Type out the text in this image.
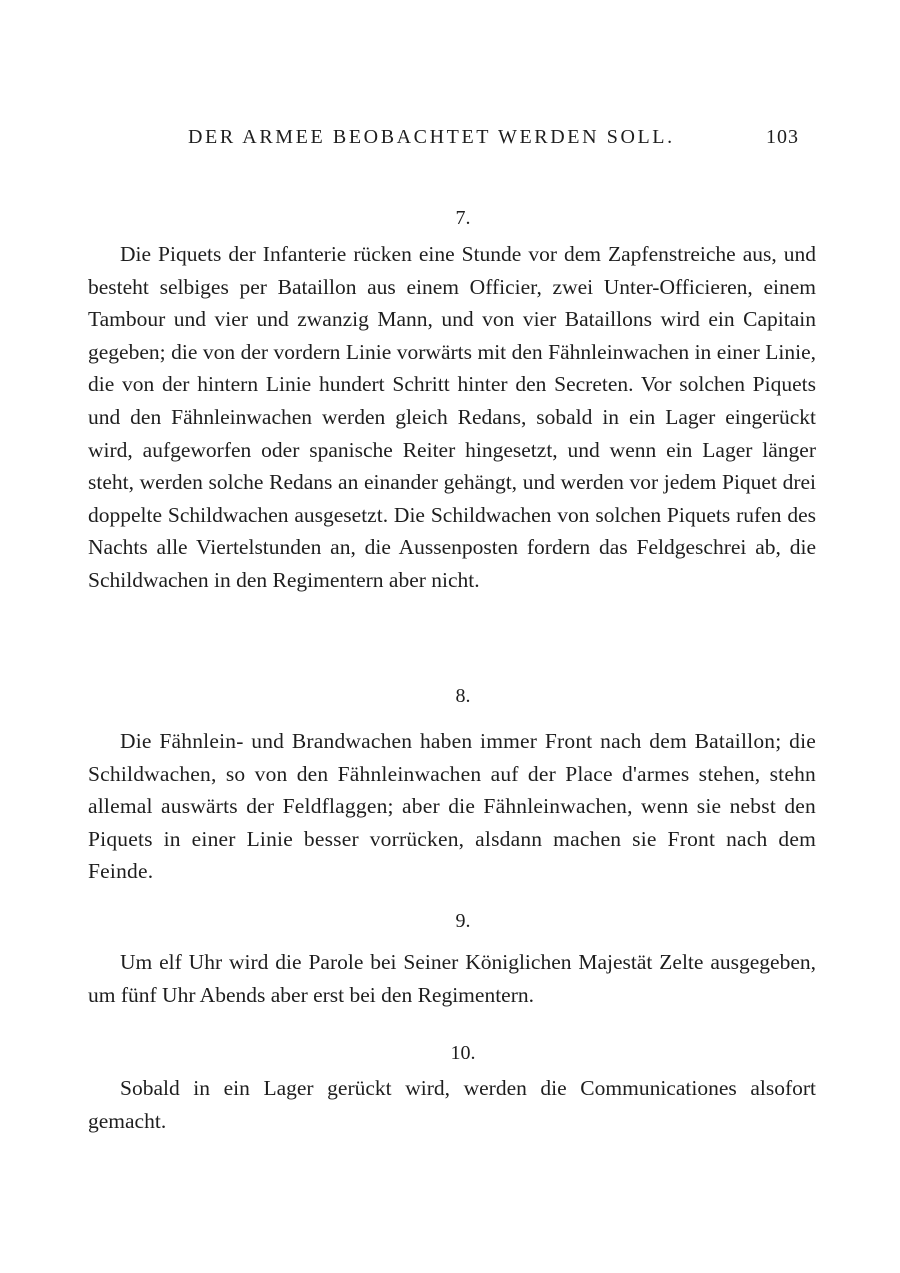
DER ARMEE BEOBACHTET WERDEN SOLL.	103
7.

Die Piquets der Infanterie rücken eine Stunde vor dem Zapfenstreiche aus, und besteht selbiges per Bataillon aus einem Officier, zwei Unter-Officieren, einem Tambour und vier und zwanzig Mann, und von vier Bataillons wird ein Capitain gegeben; die von der vordern Linie vorwärts mit den Fähnleinwachen in einer Linie, die von der hintern Linie hundert Schritt hinter den Secreten. Vor solchen Piquets und den Fähnleinwachen werden gleich Redans, sobald in ein Lager eingerückt wird, aufgeworfen oder spanische Reiter hingesetzt, und wenn ein Lager länger steht, werden solche Redans an einander gehängt, und werden vor jedem Piquet drei doppelte Schildwachen ausgesetzt. Die Schildwachen von solchen Piquets rufen des Nachts alle Viertelstunden an, die Aussenposten fordern das Feldgeschrei ab, die Schildwachen in den Regimentern aber nicht.

8.

Die Fähnlein- und Brandwachen haben immer Front nach dem Bataillon; die Schildwachen, so von den Fähnleinwachen auf der Place d'armes stehen, stehn allemal auswärts der Feldflaggen; aber die Fähnleinwachen, wenn sie nebst den Piquets in einer Linie besser vorrücken, alsdann machen sie Front nach dem Feinde.

9.

Um elf Uhr wird die Parole bei Seiner Königlichen Majestät Zelte ausgegeben, um fünf Uhr Abends aber erst bei den Regimentern.

10.

Sobald in ein Lager gerückt wird, werden die Communicationes alsofort gemacht.
